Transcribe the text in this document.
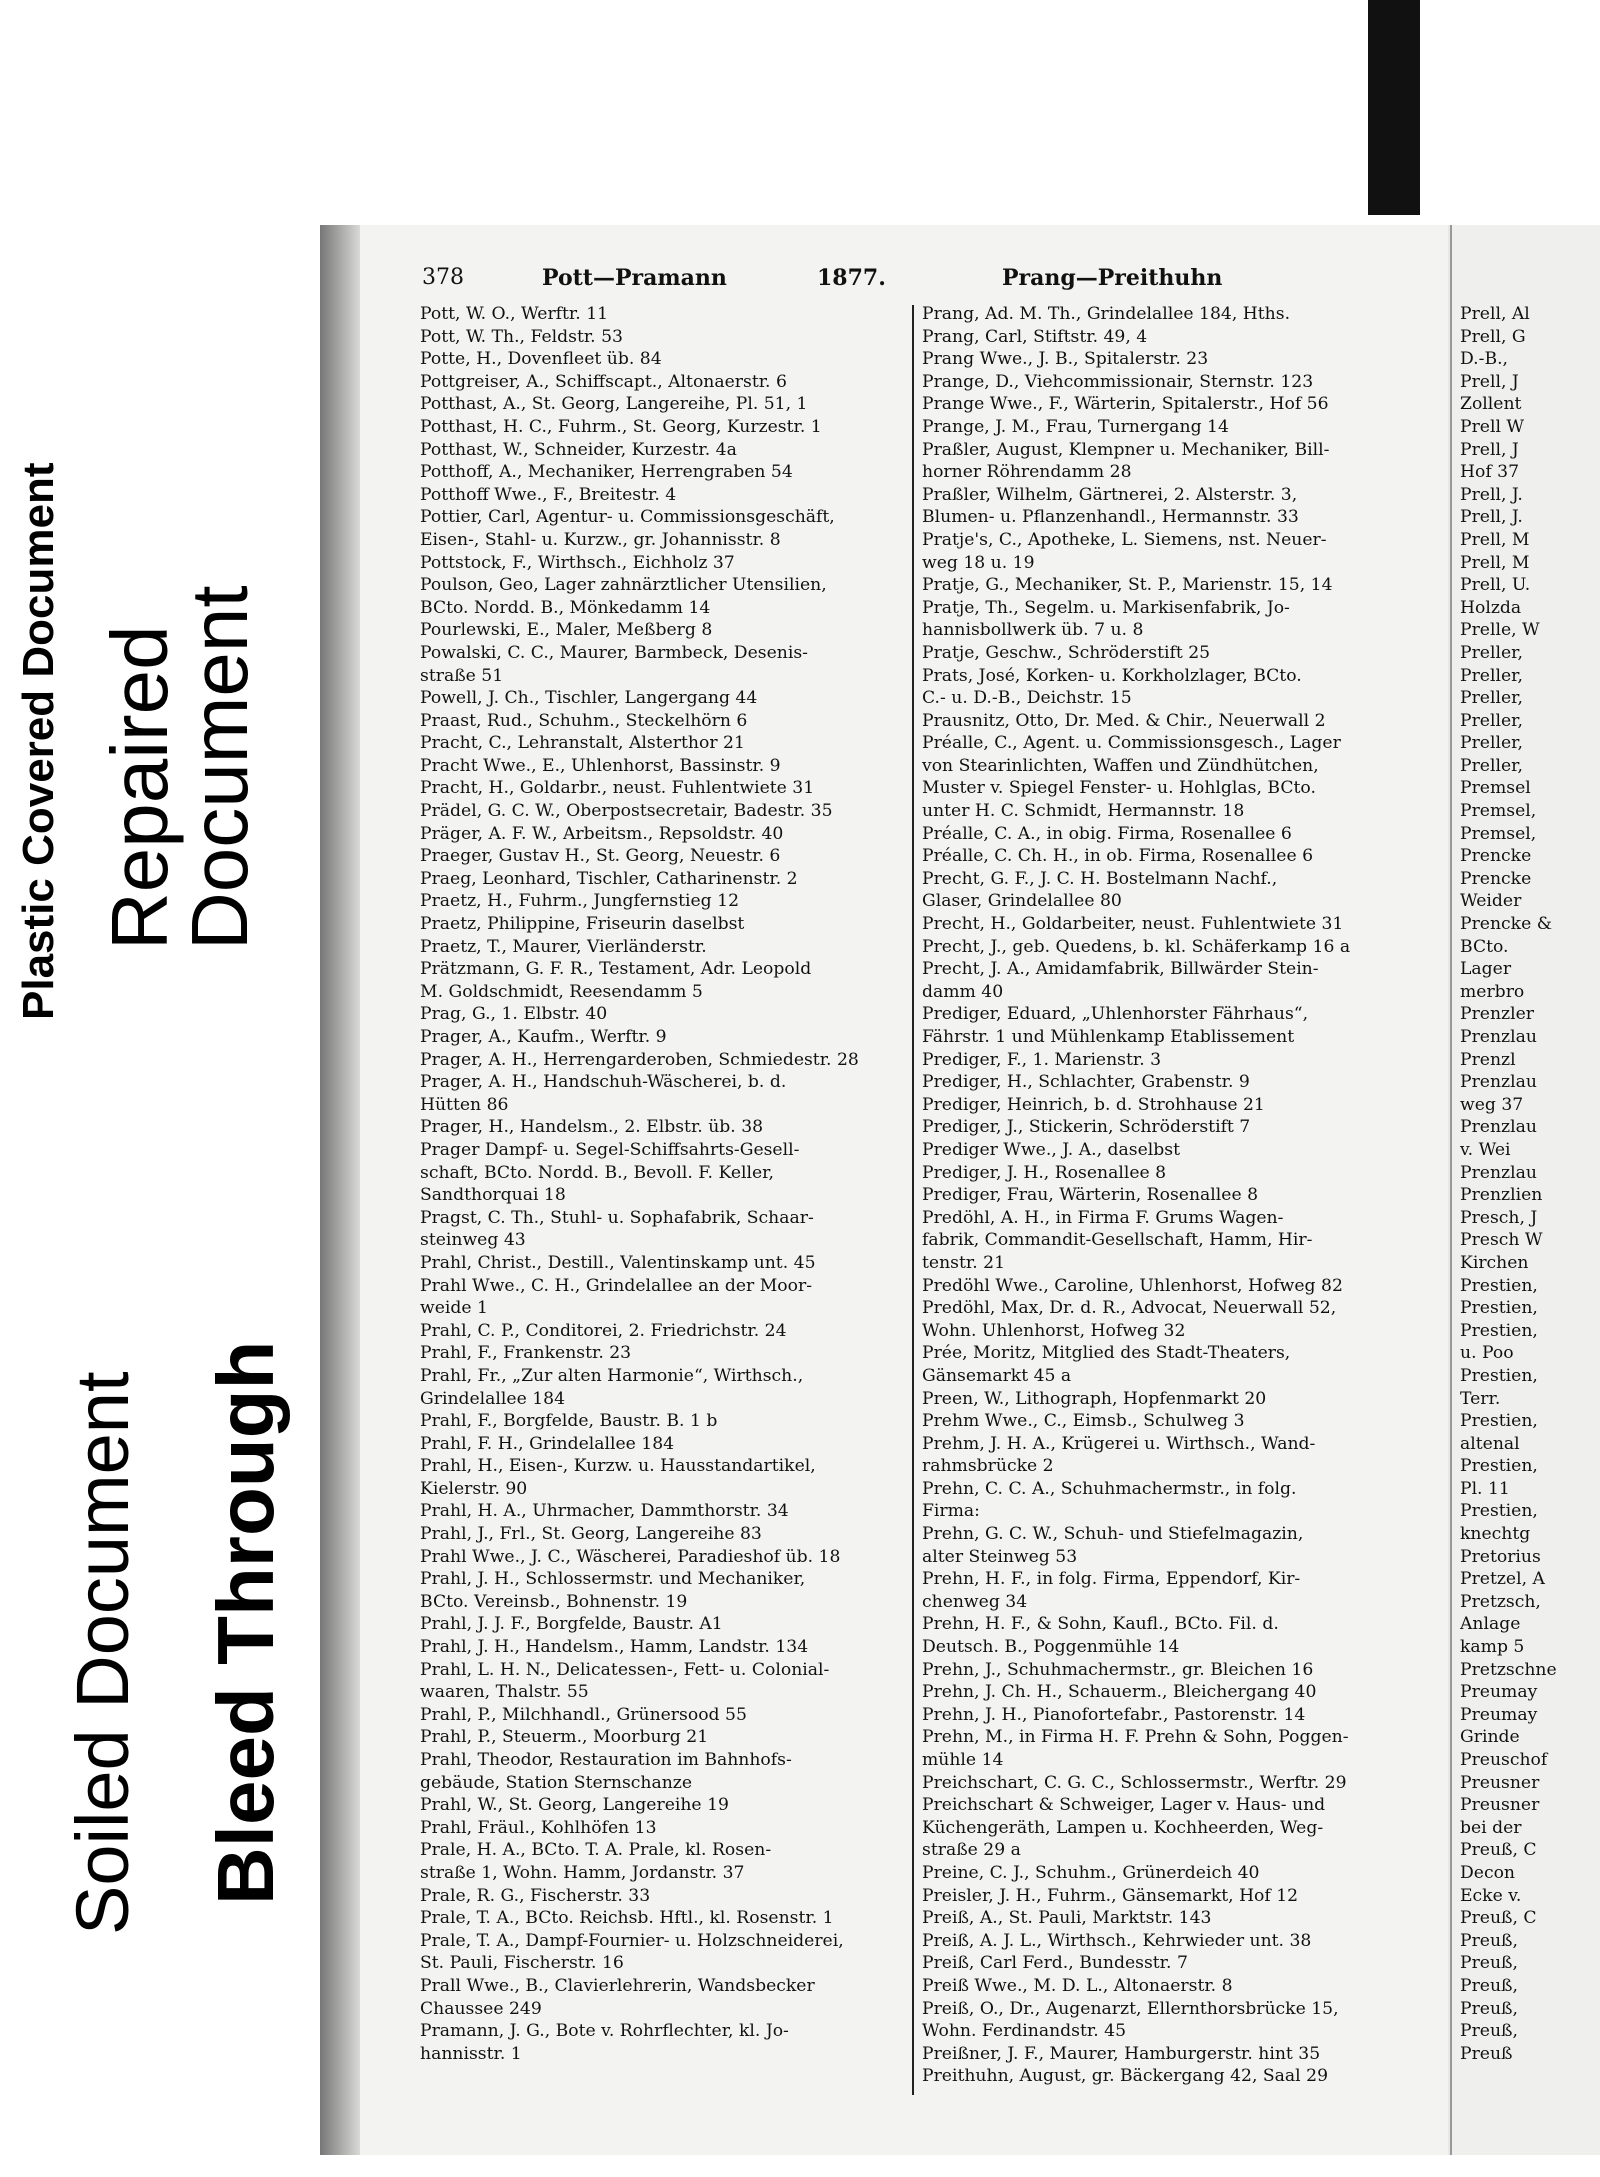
Plastic Covered Document Repaired
Document
Soiled Document Bleed Through
378	Pott—Pramann	1877.	Prang—Preithuhn
Pott, W. O., Werftr. 11
Pott, W. Th., Feldstr. 53
Potte, H., Dovenfleet üb. 84
Pottgreiser, A., Schiffscapt., Altonaerstr. 6
Potthast, A., St. Georg, Langereihe, Pl. 51, 1
Potthast, H. C., Fuhrm., St. Georg, Kurzestr. 1
Potthast, W., Schneider, Kurzestr. 4a
Potthoff, A., Mechaniker, Herrengraben 54
Potthoff Wwe., F., Breitestr. 4
Pottier, Carl, Agentur- u. Commissionsgeschäft,
Eisen-, Stahl- u. Kurzw., gr. Johannisstr. 8
Pottstock, F., Wirthsch., Eichholz 37
Poulson, Geo, Lager zahnärztlicher Utensilien,
BCto. Nordd. B., Mönkedamm 14
Pourlewski, E., Maler, Meßberg 8
Powalski, C. C., Maurer, Barmbeck, Desenis-
straße 51
Powell, J. Ch., Tischler, Langergang 44
Praast, Rud., Schuhm., Steckelhörn 6
Pracht, C., Lehranstalt, Alsterthor 21
Pracht Wwe., E., Uhlenhorst, Bassinstr. 9
Pracht, H., Goldarbr., neust. Fuhlentwiete 31
Prädel, G. C. W., Oberpostsecretair, Badestr. 35
Präger, A. F. W., Arbeitsm., Repsoldstr. 40
Praeger, Gustav H., St. Georg, Neuestr. 6
Praeg, Leonhard, Tischler, Catharinenstr. 2
Praetz, H., Fuhrm., Jungfernstieg 12
Praetz, Philippine, Friseurin daselbst
Praetz, T., Maurer, Vierländerstr.
Prätzmann, G. F. R., Testament, Adr. Leopold
M. Goldschmidt, Reesendamm 5
Prag, G., 1. Elbstr. 40
Prager, A., Kaufm., Werftr. 9
Prager, A. H., Herrengarderoben, Schmiedestr. 28
Prager, A. H., Handschuh-Wäscherei, b. d.
Hütten 86
Prager, H., Handelsm., 2. Elbstr. üb. 38
Prager Dampf- u. Segel-Schiffsahrts-Gesell-
schaft, BCto. Nordd. B., Bevoll. F. Keller,
Sandthorquai 18
Pragst, C. Th., Stuhl- u. Sophafabrik, Schaar-
steinweg 43
Prahl, Christ., Destill., Valentinskamp unt. 45
Prahl Wwe., C. H., Grindelallee an der Moor-
weide 1
Prahl, C. P., Conditorei, 2. Friedrichstr. 24
Prahl, F., Frankenstr. 23
Prahl, Fr., „Zur alten Harmonie“, Wirthsch.,
Grindelallee 184
Prahl, F., Borgfelde, Baustr. B. 1 b
Prahl, F. H., Grindelallee 184
Prahl, H., Eisen-, Kurzw. u. Hausstandartikel,
Kielerstr. 90
Prahl, H. A., Uhrmacher, Dammthorstr. 34
Prahl, J., Frl., St. Georg, Langereihe 83
Prahl Wwe., J. C., Wäscherei, Paradieshof üb. 18
Prahl, J. H., Schlossermstr. und Mechaniker,
BCto. Vereinsb., Bohnenstr. 19
Prahl, J. J. F., Borgfelde, Baustr. A1
Prahl, J. H., Handelsm., Hamm, Landstr. 134
Prahl, L. H. N., Delicatessen-, Fett- u. Colonial-
waaren, Thalstr. 55
Prahl, P., Milchhandl., Grünersood 55
Prahl, P., Steuerm., Moorburg 21
Prahl, Theodor, Restauration im Bahnhofs-
gebäude, Station Sternschanze
Prahl, W., St. Georg, Langereihe 19
Prahl, Fräul., Kohlhöfen 13
Prale, H. A., BCto. T. A. Prale, kl. Rosen-
straße 1, Wohn. Hamm, Jordanstr. 37
Prale, R. G., Fischerstr. 33
Prale, T. A., BCto. Reichsb. Hftl., kl. Rosenstr. 1
Prale, T. A., Dampf-Fournier- u. Holzschneiderei,
St. Pauli, Fischerstr. 16
Prall Wwe., B., Clavierlehrerin, Wandsbecker
Chaussee 249
Pramann, J. G., Bote v. Rohrflechter, kl. Jo-
hannisstr. 1
Prang, Ad. M. Th., Grindelallee 184, Hths.
Prang, Carl, Stiftstr. 49, 4
Prang Wwe., J. B., Spitalerstr. 23
Prange, D., Viehcommissionair, Sternstr. 123
Prange Wwe., F., Wärterin, Spitalerstr., Hof 56
Prange, J. M., Frau, Turnergang 14
Praßler, August, Klempner u. Mechaniker, Bill-
horner Röhrendamm 28
Praßler, Wilhelm, Gärtnerei, 2. Alsterstr. 3,
Blumen- u. Pflanzenhandl., Hermannstr. 33
Pratje's, C., Apotheke, L. Siemens, nst. Neuer-
weg 18 u. 19
Pratje, G., Mechaniker, St. P., Marienstr. 15, 14
Pratje, Th., Segelm. u. Markisenfabrik, Jo-
hannisbollwerk üb. 7 u. 8
Pratje, Geschw., Schröderstift 25
Prats, José, Korken- u. Korkholzlager, BCto.
C.- u. D.-B., Deichstr. 15
Prausnitz, Otto, Dr. Med. & Chir., Neuerwall 2
Préalle, C., Agent. u. Commissionsgesch., Lager
von Stearinlichten, Waffen und Zündhütchen,
Muster v. Spiegel Fenster- u. Hohlglas, BCto.
unter H. C. Schmidt, Hermannstr. 18
Préalle, C. A., in obig. Firma, Rosenallee 6
Préalle, C. Ch. H., in ob. Firma, Rosenallee 6
Precht, G. F., J. C. H. Bostelmann Nachf.,
Glaser, Grindelallee 80
Precht, H., Goldarbeiter, neust. Fuhlentwiete 31
Precht, J., geb. Quedens, b. kl. Schäferkamp 16 a
Precht, J. A., Amidamfabrik, Billwärder Stein-
damm 40
Prediger, Eduard, „Uhlenhorster Fährhaus“,
Fährstr. 1 und Mühlenkamp Etablissement
Prediger, F., 1. Marienstr. 3
Prediger, H., Schlachter, Grabenstr. 9
Prediger, Heinrich, b. d. Strohhause 21
Prediger, J., Stickerin, Schröderstift 7
Prediger Wwe., J. A., daselbst
Prediger, J. H., Rosenallee 8
Prediger, Frau, Wärterin, Rosenallee 8
Predöhl, A. H., in Firma F. Grums Wagen-
fabrik, Commandit-Gesellschaft, Hamm, Hir-
tenstr. 21
Predöhl Wwe., Caroline, Uhlenhorst, Hofweg 82
Predöhl, Max, Dr. d. R., Advocat, Neuerwall 52,
Wohn. Uhlenhorst, Hofweg 32
Prée, Moritz, Mitglied des Stadt-Theaters,
Gänsemarkt 45 a
Preen, W., Lithograph, Hopfenmarkt 20
Prehm Wwe., C., Eimsb., Schulweg 3
Prehm, J. H. A., Krügerei u. Wirthsch., Wand-
rahmsbrücke 2
Prehn, C. C. A., Schuhmachermstr., in folg.
Firma:
Prehn, G. C. W., Schuh- und Stiefelmagazin,
alter Steinweg 53
Prehn, H. F., in folg. Firma, Eppendorf, Kir-
chenweg 34
Prehn, H. F., & Sohn, Kaufl., BCto. Fil. d.
Deutsch. B., Poggenmühle 14
Prehn, J., Schuhmachermstr., gr. Bleichen 16
Prehn, J. Ch. H., Schauerm., Bleichergang 40
Prehn, J. H., Pianofortefabr., Pastorenstr. 14
Prehn, M., in Firma H. F. Prehn & Sohn, Poggen-
mühle 14
Preichschart, C. G. C., Schlossermstr., Werftr. 29
Preichschart & Schweiger, Lager v. Haus- und
Küchengeräth, Lampen u. Kochheerden, Weg-
straße 29 a
Preine, C. J., Schuhm., Grünerdeich 40
Preisler, J. H., Fuhrm., Gänsemarkt, Hof 12
Preiß, A., St. Pauli, Marktstr. 143
Preiß, A. J. L., Wirthsch., Kehrwieder unt. 38
Preiß, Carl Ferd., Bundesstr. 7
Preiß Wwe., M. D. L., Altonaerstr. 8
Preiß, O., Dr., Augenarzt, Ellernthorsbrücke 15,
Wohn. Ferdinandstr. 45
Preißner, J. F., Maurer, Hamburgerstr. hint 35
Preithuhn, August, gr. Bäckergang 42, Saal 29
Prell, Al
Prell, G
D.-B.,
Prell, J
Zollent
Prell W
Prell, J
Hof 37
Prell, J.
Prell, J.
Prell, M
Prell, M
Prell, U.
Holzda
Prelle, W
Preller,
Preller,
Preller,
Preller,
Preller,
Preller,
Premsel
Premsel,
Premsel,
Prencke
Prencke
Weider
Prencke &
BCto.
Lager
merbro
Prenzler
Prenzlau
Prenzl
Prenzlau
weg 37
Prenzlau
v. Wei
Prenzlau
Prenzlien
Presch, J
Presch W
Kirchen
Prestien,
Prestien,
Prestien,
u. Poo
Prestien,
Terr.
Prestien,
altenal
Prestien,
Pl. 11
Prestien,
knechtg
Pretorius
Pretzel, A
Pretzsch,
Anlage
kamp 5
Pretzschne
Preumay
Preumay
Grinde
Preuschof
Preusner
Preusner
bei der
Preuß, C
Decon
Ecke v.
Preuß, C
Preuß,
Preuß,
Preuß,
Preuß,
Preuß,
Preuß
